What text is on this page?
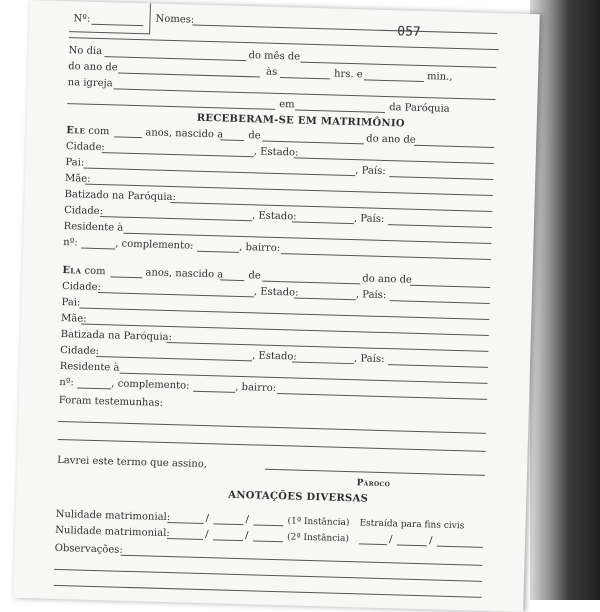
Nº:	Nomes:
057
No dia	do mês de
do ano de	às	hrs. e	min.,
na igreja
em	da Paróquia
RECEBERAM-SE EM MATRIMÔNIO
Ele com	anos, nascido a de	do ano de
Cidade:	, Estado:
Pai:
, País:
Mãe:
Batizado na Paróquia:
Cidade:	, Estado:	, País:
Residente à
nº:	, complemento:	, bairro:
Ela com	anos, nascido a de	do ano de
Cidade:	, Estado:	, País:
Pai:
Mãe:
Batizada na Paróquia:
Cidade:	, Estado:	, País:
Residente à
nº:	, complemento:	, bairro:
Foram testemunhas:
Lavrei este termo que assino,
Pároco
ANOTAÇÕES DIVERSAS
Nulidade matrimonial:	/	/	(1ª Instância) Estraída para fins civis
Nulidade matrimonial:	/	/	(2ª Instância)	/	/
Observações:
